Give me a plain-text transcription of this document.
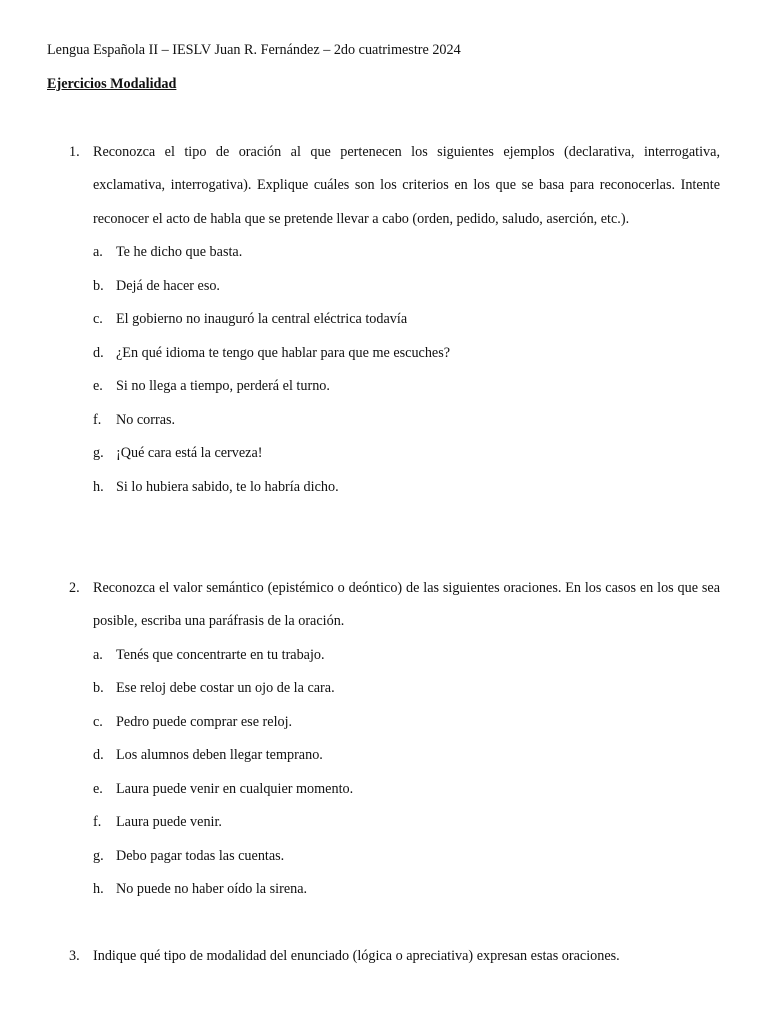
Lengua Española II – IESLV Juan R. Fernández – 2do cuatrimestre 2024
Ejercicios Modalidad
1. Reconozca el tipo de oración al que pertenecen los siguientes ejemplos (declarativa, interrogativa, exclamativa, interrogativa). Explique cuáles son los criterios en los que se basa para reconocerlas. Intente reconocer el acto de habla que se pretende llevar a cabo (orden, pedido, saludo, aserción, etc.).
a. Te he dicho que basta.
b. Dejá de hacer eso.
c. El gobierno no inauguró la central eléctrica todavía
d. ¿En qué idioma te tengo que hablar para que me escuches?
e. Si no llega a tiempo, perderá el turno.
f. No corras.
g. ¡Qué cara está la cerveza!
h. Si lo hubiera sabido, te lo habría dicho.
2. Reconozca el valor semántico (epistémico o deóntico) de las siguientes oraciones. En los casos en los que sea posible, escriba una paráfrasis de la oración.
a. Tenés que concentrarte en tu trabajo.
b. Ese reloj debe costar un ojo de la cara.
c. Pedro puede comprar ese reloj.
d. Los alumnos deben llegar temprano.
e. Laura puede venir en cualquier momento.
f. Laura puede venir.
g. Debo pagar todas las cuentas.
h. No puede no haber oído la sirena.
3. Indique qué tipo de modalidad del enunciado (lógica o apreciativa) expresan estas oraciones.
